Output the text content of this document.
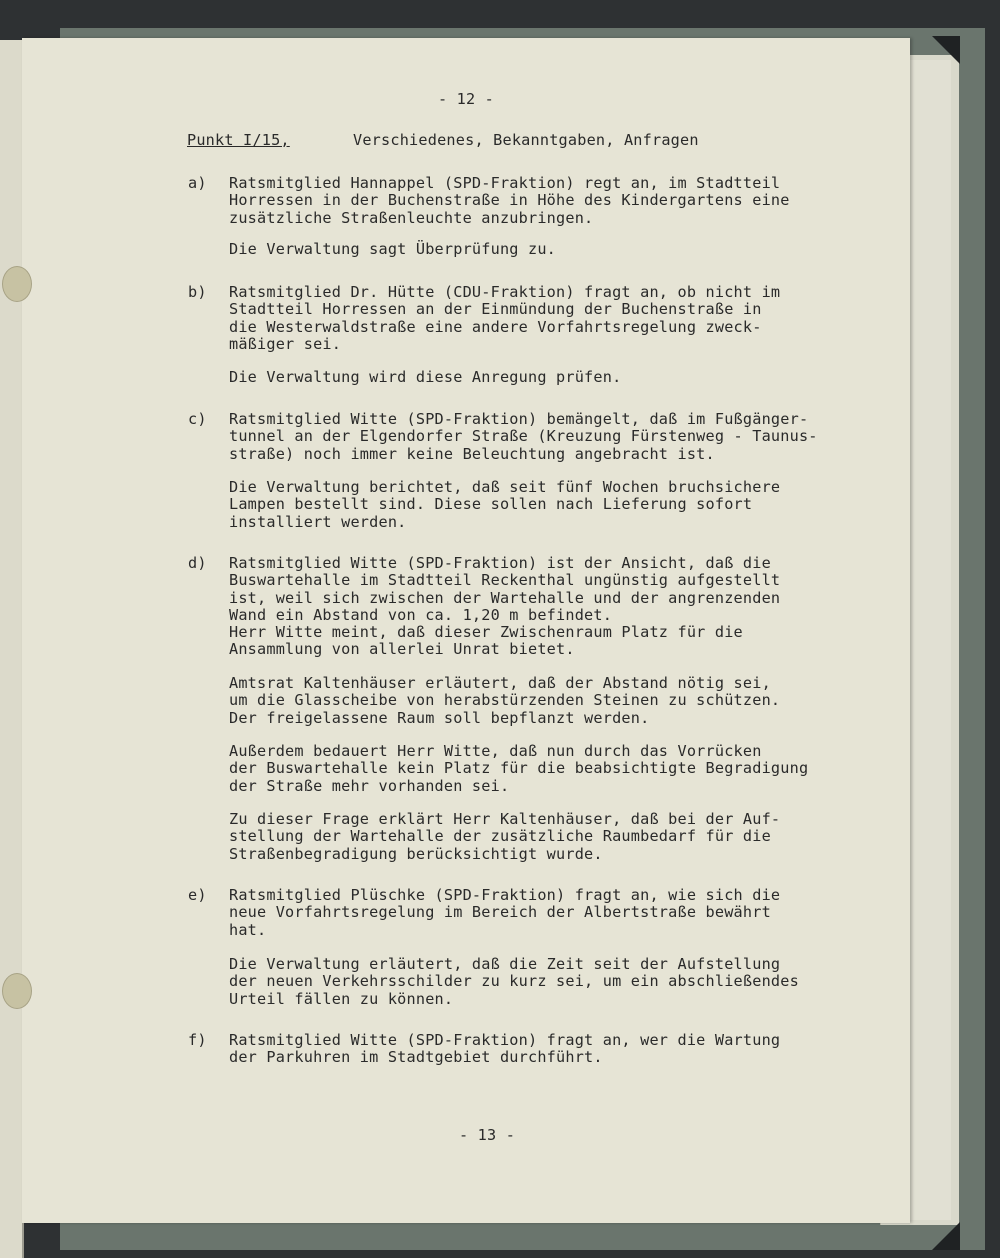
- 12 -
Punkt I/15,	Verschiedenes, Bekanntgaben, Anfragen
a)	Ratsmitglied Hannappel (SPD-Fraktion) regt an, im Stadtteil
Horressen in der Buchenstraße in Höhe des Kindergartens eine
zusätzliche Straßenleuchte anzubringen.
Die Verwaltung sagt Überprüfung zu.
b)	Ratsmitglied Dr. Hütte (CDU-Fraktion) fragt an, ob nicht im
Stadtteil Horressen an der Einmündung der Buchenstraße in
die Westerwaldstraße eine andere Vorfahrtsregelung zweck-
mäßiger sei.
Die Verwaltung wird diese Anregung prüfen.
c)	Ratsmitglied Witte (SPD-Fraktion) bemängelt, daß im Fußgänger-
tunnel an der Elgendorfer Straße (Kreuzung Fürstenweg - Taunus-
straße) noch immer keine Beleuchtung angebracht ist.
Die Verwaltung berichtet, daß seit fünf Wochen bruchsichere
Lampen bestellt sind. Diese sollen nach Lieferung sofort
installiert werden.
d)	Ratsmitglied Witte (SPD-Fraktion) ist der Ansicht, daß die
Buswartehalle im Stadtteil Reckenthal ungünstig aufgestellt
ist, weil sich zwischen der Wartehalle und der angrenzenden
Wand ein Abstand von ca. 1,20 m befindet.
Herr Witte meint, daß dieser Zwischenraum Platz für die
Ansammlung von allerlei Unrat bietet.
Amtsrat Kaltenhäuser erläutert, daß der Abstand nötig sei,
um die Glasscheibe von herabstürzenden Steinen zu schützen.
Der freigelassene Raum soll bepflanzt werden.
Außerdem bedauert Herr Witte, daß nun durch das Vorrücken
der Buswartehalle kein Platz für die beabsichtigte Begradigung
der Straße mehr vorhanden sei.
Zu dieser Frage erklärt Herr Kaltenhäuser, daß bei der Auf-
stellung der Wartehalle der zusätzliche Raumbedarf für die
Straßenbegradigung berücksichtigt wurde.
e)	Ratsmitglied Plüschke (SPD-Fraktion) fragt an, wie sich die
neue Vorfahrtsregelung im Bereich der Albertstraße bewährt
hat.
Die Verwaltung erläutert, daß die Zeit seit der Aufstellung
der neuen Verkehrsschilder zu kurz sei, um ein abschließendes
Urteil fällen zu können.
f)	Ratsmitglied Witte (SPD-Fraktion) fragt an, wer die Wartung
der Parkuhren im Stadtgebiet durchführt.
- 13 -
